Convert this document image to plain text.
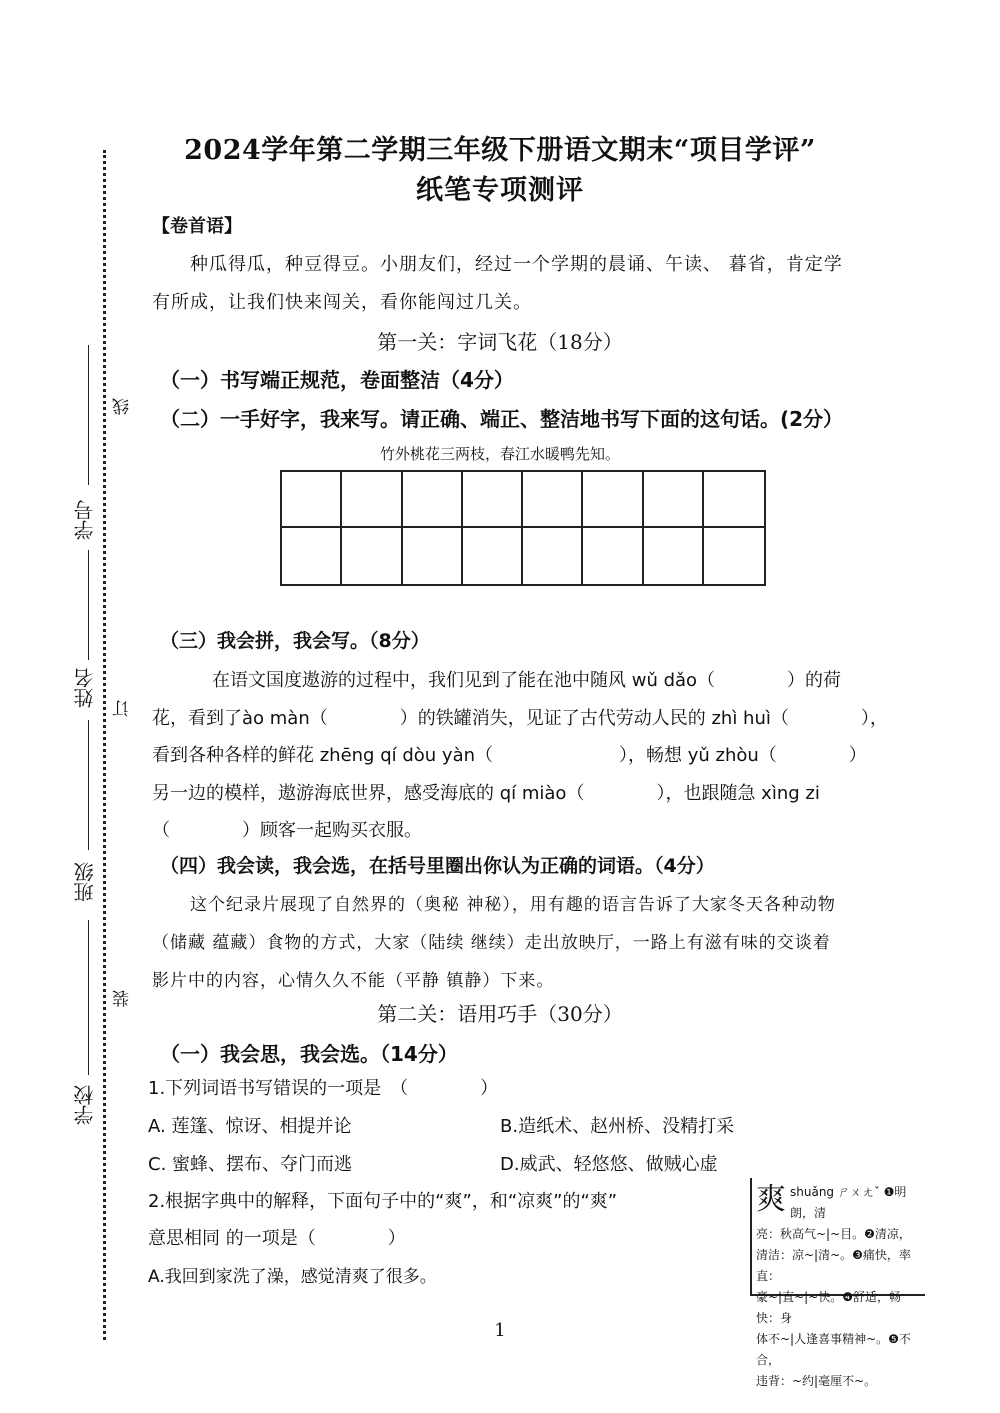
学号
姓名
班级
学校
线
订
装
2024学年第二学期三年级下册语文期末“项目学评”
纸笔专项测评
【卷首语】
种瓜得瓜，种豆得豆。小朋友们，经过一个学期的晨诵、午读、 暮省，肯定学
有所成，让我们快来闯关，看你能闯过几关。
第一关：字词飞花（18分）
（一）书写端正规范，卷面整洁（4分）
（二）一手好字，我来写。请正确、端正、整洁地书写下面的这句话。(2分）
竹外桃花三两枝，春江水暖鸭先知。
（三）我会拼，我会写。（8分）
在语文国度遨游的过程中，我们见到了能在池中随风 wǔ dǎo（　　　　）的荷
花，看到了ào màn（　　　　）的铁罐消失，见证了古代劳动人民的 zhì huì（　　　　），
看到各种各样的鲜花 zhēng qí dòu yàn（　　　　　　　），畅想 yǔ zhòu（　　　　）
另一边的模样，遨游海底世界，感受海底的 qí miào（　　　　），也跟随急 xìng zi
（　　　　）顾客一起购买衣服。
（四）我会读，我会选，在括号里圈出你认为正确的词语。（4分）
这个纪录片展现了自然界的（奥秘 神秘），用有趣的语言告诉了大家冬天各种动物
（储藏 蕴藏）食物的方式，大家（陆续 继续）走出放映厅，一路上有滋有味的交谈着
影片中的内容，心情久久不能（平静 镇静）下来。
第二关：语用巧手（30分）
（一）我会思，我会选。（14分）
1.下列词语书写错误的一项是　（　　　　）
A. 莲篷、惊讶、相提并论	B.造纸术、赵州桥、没精打采
C. 蜜蜂、摆布、夺门而逃	D.威武、轻悠悠、做贼心虚
2.根据字典中的解释，下面句子中的“爽”，和“凉爽”的“爽”
意思相同 的一项是（　　　　）
A.我回到家洗了澡，感觉清爽了很多。
爽 shuǎng ㄕㄨㄤˇ ❶明朗，清
亮：秋高气~|~目。❷清凉，
清洁：凉~|清~。❸痛快，率直：
豪~|直~|~快。❹舒适，畅快：身
体不~|人逢喜事精神~。❺不合，
违背：~约|毫厘不~。
1
